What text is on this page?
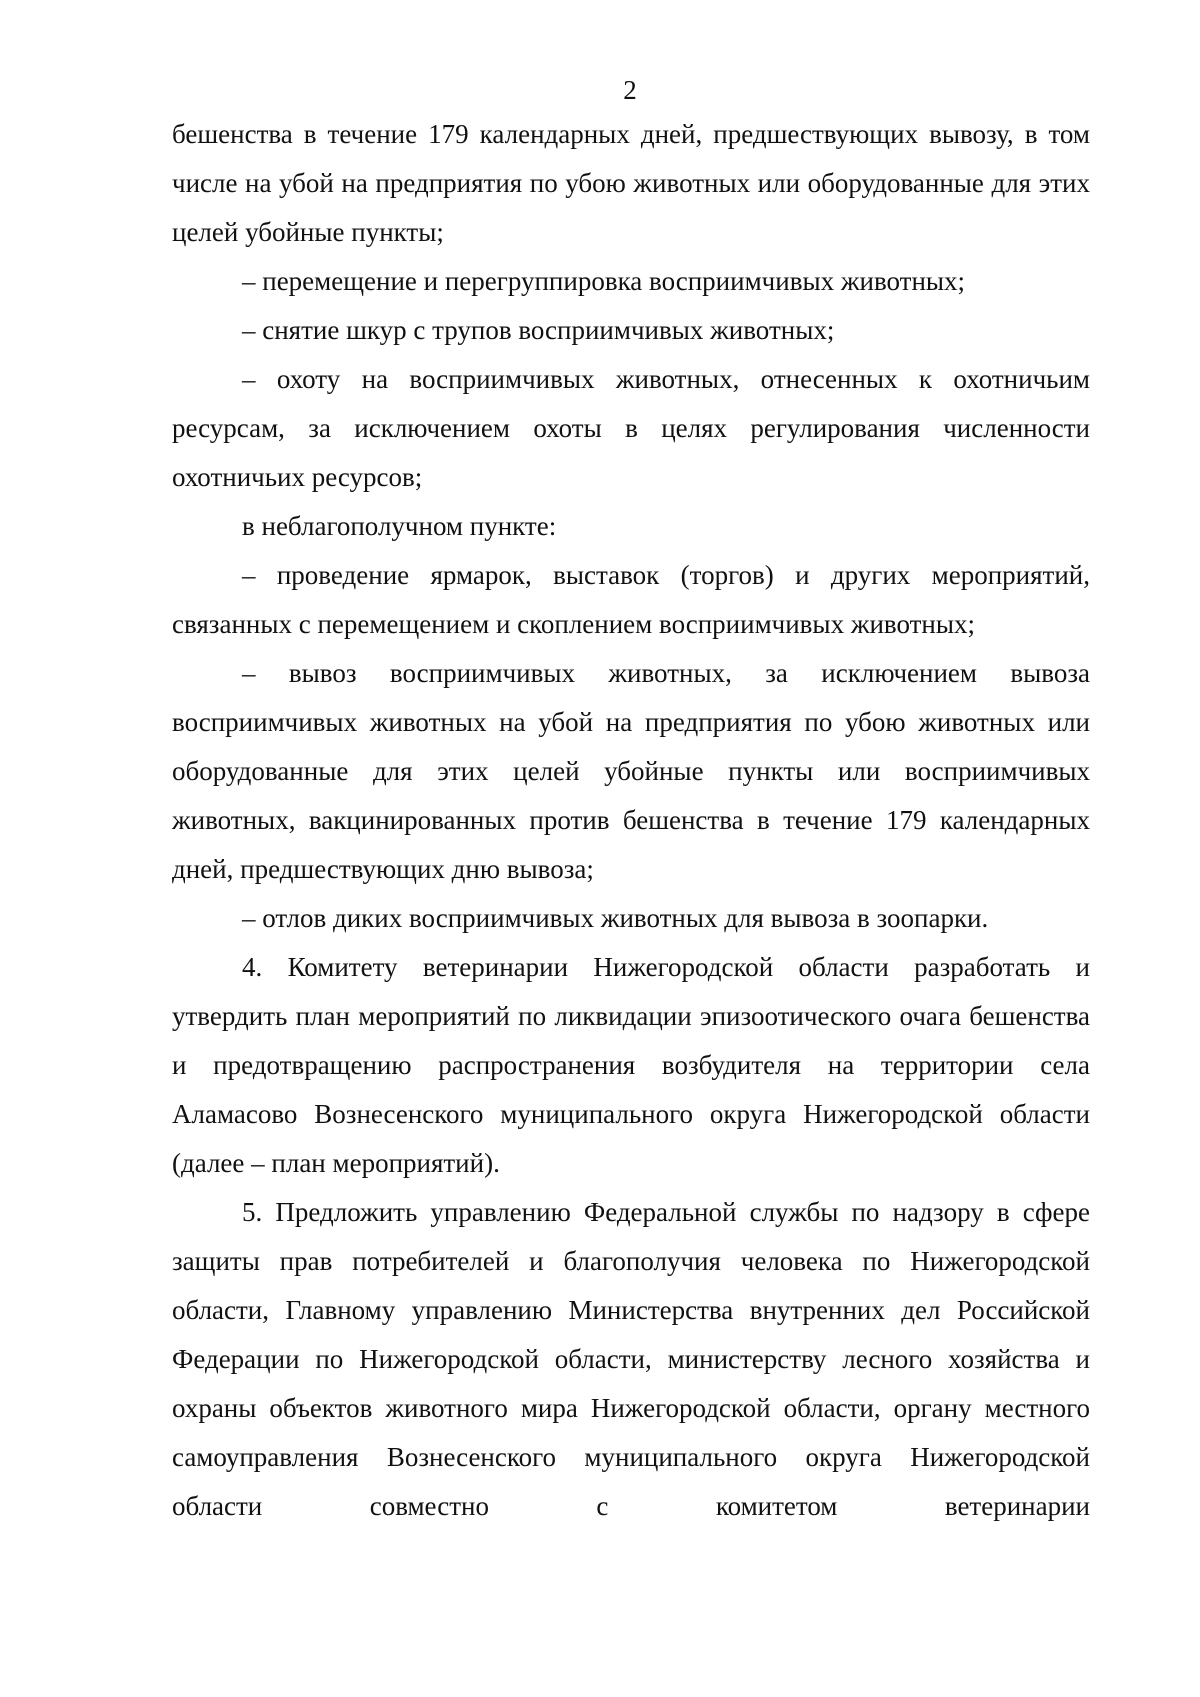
2

бешенства в течение 179 календарных дней, предшествующих вывозу, в том числе на убой на предприятия по убою животных или оборудованные для этих целей убойные пункты;

– перемещение и перегруппировка восприимчивых животных;

– снятие шкур с трупов восприимчивых животных;

– охоту на восприимчивых животных, отнесенных к охотничьим ресурсам, за исключением охоты в целях регулирования численности охотничьих ресурсов;

в неблагополучном пункте:

– проведение ярмарок, выставок (торгов) и других мероприятий, связанных с перемещением и скоплением восприимчивых животных;

– вывоз восприимчивых животных, за исключением вывоза восприимчивых животных на убой на предприятия по убою животных или оборудованные для этих целей убойные пункты или восприимчивых животных, вакцинированных против бешенства в течение 179 календарных дней, предшествующих дню вывоза;

– отлов диких восприимчивых животных для вывоза в зоопарки.

4. Комитету ветеринарии Нижегородской области разработать и утвердить план мероприятий по ликвидации эпизоотического очага бешенства и предотвращению распространения возбудителя на территории села Аламасово Вознесенского муниципального округа Нижегородской области (далее – план мероприятий).

5. Предложить управлению Федеральной службы по надзору в сфере защиты прав потребителей и благополучия человека по Нижегородской области, Главному управлению Министерства внутренних дел Российской Федерации по Нижегородской области, министерству лесного хозяйства и охраны объектов животного мира Нижегородской области, органу местного самоуправления Вознесенского муниципального округа Нижегородской области совместно с комитетом ветеринарии
